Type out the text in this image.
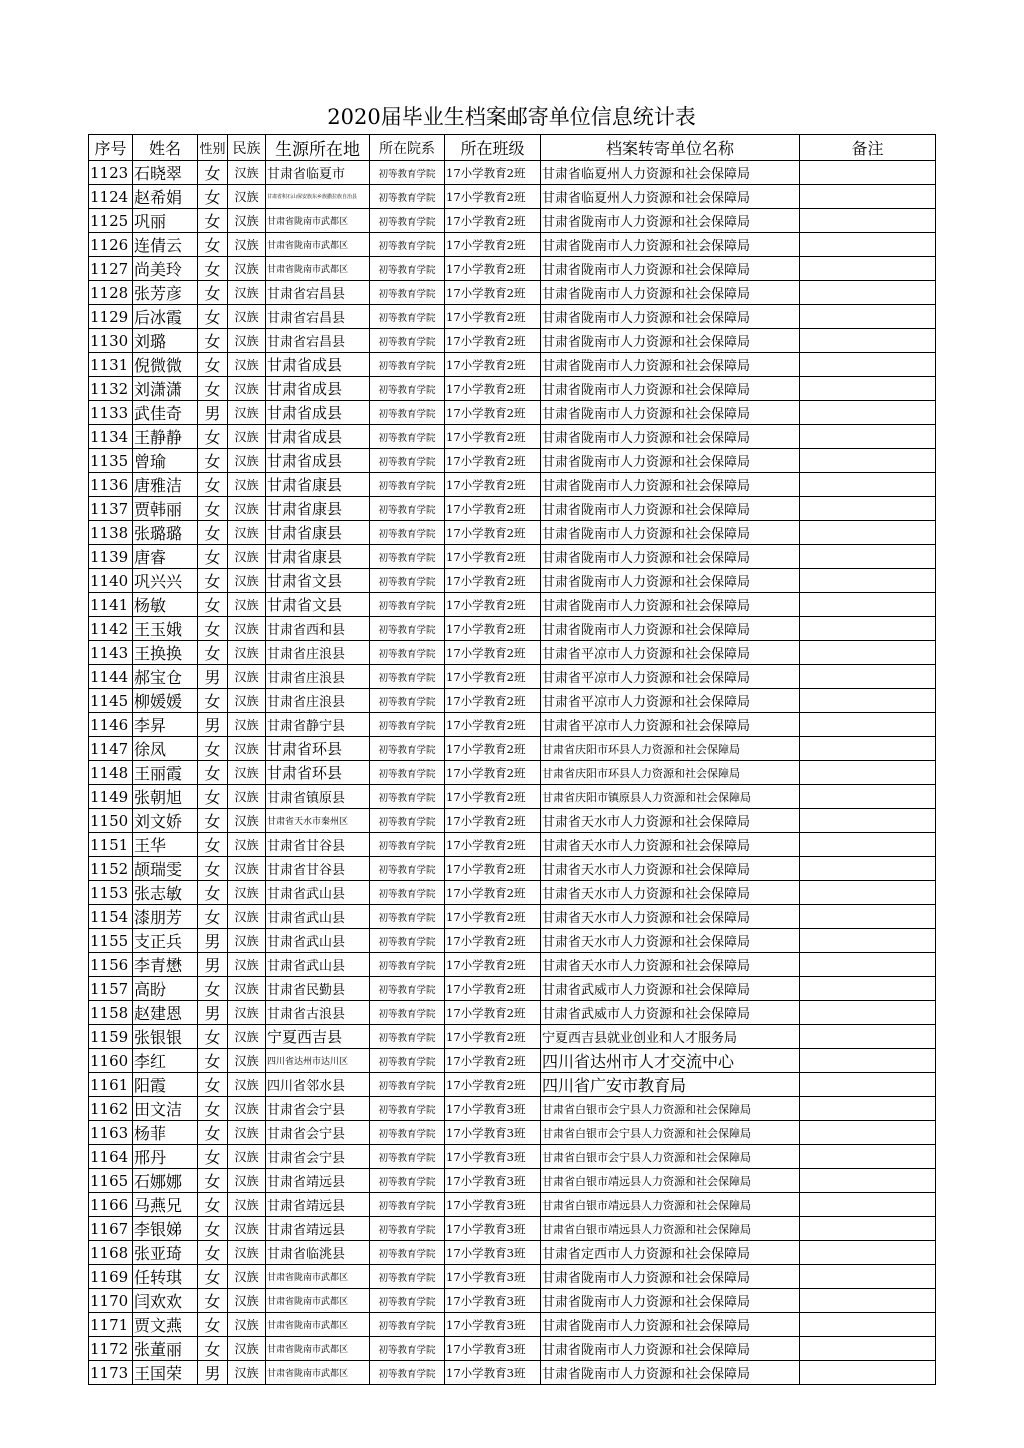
2020届毕业生档案邮寄单位信息统计表
序号	姓名	性别	民族	生源所在地	所在院系	所在班级	档案转寄单位名称	备注
1123	石晓翠	女	汉族	甘肃省临夏市	初等教育学院	17小学教育2班	甘肃省临夏州人力资源和社会保障局	
1124	赵希娟	女	汉族	甘肃省积石山保安族东乡族撒拉族自治县	初等教育学院	17小学教育2班	甘肃省临夏州人力资源和社会保障局	
1125	巩丽	女	汉族	甘肃省陇南市武都区	初等教育学院	17小学教育2班	甘肃省陇南市人力资源和社会保障局	
1126	连倩云	女	汉族	甘肃省陇南市武都区	初等教育学院	17小学教育2班	甘肃省陇南市人力资源和社会保障局	
1127	尚美玲	女	汉族	甘肃省陇南市武都区	初等教育学院	17小学教育2班	甘肃省陇南市人力资源和社会保障局	
1128	张芳彦	女	汉族	甘肃省宕昌县	初等教育学院	17小学教育2班	甘肃省陇南市人力资源和社会保障局	
1129	后冰霞	女	汉族	甘肃省宕昌县	初等教育学院	17小学教育2班	甘肃省陇南市人力资源和社会保障局	
1130	刘璐	女	汉族	甘肃省宕昌县	初等教育学院	17小学教育2班	甘肃省陇南市人力资源和社会保障局	
1131	倪微微	女	汉族	甘肃省成县	初等教育学院	17小学教育2班	甘肃省陇南市人力资源和社会保障局	
1132	刘潇潇	女	汉族	甘肃省成县	初等教育学院	17小学教育2班	甘肃省陇南市人力资源和社会保障局	
1133	武佳奇	男	汉族	甘肃省成县	初等教育学院	17小学教育2班	甘肃省陇南市人力资源和社会保障局	
1134	王静静	女	汉族	甘肃省成县	初等教育学院	17小学教育2班	甘肃省陇南市人力资源和社会保障局	
1135	曾瑜	女	汉族	甘肃省成县	初等教育学院	17小学教育2班	甘肃省陇南市人力资源和社会保障局	
1136	唐雅洁	女	汉族	甘肃省康县	初等教育学院	17小学教育2班	甘肃省陇南市人力资源和社会保障局	
1137	贾韩丽	女	汉族	甘肃省康县	初等教育学院	17小学教育2班	甘肃省陇南市人力资源和社会保障局	
1138	张璐璐	女	汉族	甘肃省康县	初等教育学院	17小学教育2班	甘肃省陇南市人力资源和社会保障局	
1139	唐睿	女	汉族	甘肃省康县	初等教育学院	17小学教育2班	甘肃省陇南市人力资源和社会保障局	
1140	巩兴兴	女	汉族	甘肃省文县	初等教育学院	17小学教育2班	甘肃省陇南市人力资源和社会保障局	
1141	杨敏	女	汉族	甘肃省文县	初等教育学院	17小学教育2班	甘肃省陇南市人力资源和社会保障局	
1142	王玉娥	女	汉族	甘肃省西和县	初等教育学院	17小学教育2班	甘肃省陇南市人力资源和社会保障局	
1143	王换换	女	汉族	甘肃省庄浪县	初等教育学院	17小学教育2班	甘肃省平凉市人力资源和社会保障局	
1144	郝宝仓	男	汉族	甘肃省庄浪县	初等教育学院	17小学教育2班	甘肃省平凉市人力资源和社会保障局	
1145	柳媛媛	女	汉族	甘肃省庄浪县	初等教育学院	17小学教育2班	甘肃省平凉市人力资源和社会保障局	
1146	李昇	男	汉族	甘肃省静宁县	初等教育学院	17小学教育2班	甘肃省平凉市人力资源和社会保障局	
1147	徐凤	女	汉族	甘肃省环县	初等教育学院	17小学教育2班	甘肃省庆阳市环县人力资源和社会保障局	
1148	王丽霞	女	汉族	甘肃省环县	初等教育学院	17小学教育2班	甘肃省庆阳市环县人力资源和社会保障局	
1149	张朝旭	女	汉族	甘肃省镇原县	初等教育学院	17小学教育2班	甘肃省庆阳市镇原县人力资源和社会保障局	
1150	刘文娇	女	汉族	甘肃省天水市秦州区	初等教育学院	17小学教育2班	甘肃省天水市人力资源和社会保障局	
1151	王华	女	汉族	甘肃省甘谷县	初等教育学院	17小学教育2班	甘肃省天水市人力资源和社会保障局	
1152	颉瑞雯	女	汉族	甘肃省甘谷县	初等教育学院	17小学教育2班	甘肃省天水市人力资源和社会保障局	
1153	张志敏	女	汉族	甘肃省武山县	初等教育学院	17小学教育2班	甘肃省天水市人力资源和社会保障局	
1154	漆朋芳	女	汉族	甘肃省武山县	初等教育学院	17小学教育2班	甘肃省天水市人力资源和社会保障局	
1155	支正兵	男	汉族	甘肃省武山县	初等教育学院	17小学教育2班	甘肃省天水市人力资源和社会保障局	
1156	李青懋	男	汉族	甘肃省武山县	初等教育学院	17小学教育2班	甘肃省天水市人力资源和社会保障局	
1157	高盼	女	汉族	甘肃省民勤县	初等教育学院	17小学教育2班	甘肃省武威市人力资源和社会保障局	
1158	赵建恩	男	汉族	甘肃省古浪县	初等教育学院	17小学教育2班	甘肃省武威市人力资源和社会保障局	
1159	张银银	女	汉族	宁夏西吉县	初等教育学院	17小学教育2班	宁夏西吉县就业创业和人才服务局	
1160	李红	女	汉族	四川省达州市达川区	初等教育学院	17小学教育2班	四川省达州市人才交流中心	
1161	阳霞	女	汉族	四川省邻水县	初等教育学院	17小学教育2班	四川省广安市教育局	
1162	田文洁	女	汉族	甘肃省会宁县	初等教育学院	17小学教育3班	甘肃省白银市会宁县人力资源和社会保障局	
1163	杨菲	女	汉族	甘肃省会宁县	初等教育学院	17小学教育3班	甘肃省白银市会宁县人力资源和社会保障局	
1164	邢丹	女	汉族	甘肃省会宁县	初等教育学院	17小学教育3班	甘肃省白银市会宁县人力资源和社会保障局	
1165	石娜娜	女	汉族	甘肃省靖远县	初等教育学院	17小学教育3班	甘肃省白银市靖远县人力资源和社会保障局	
1166	马燕兄	女	汉族	甘肃省靖远县	初等教育学院	17小学教育3班	甘肃省白银市靖远县人力资源和社会保障局	
1167	李银娣	女	汉族	甘肃省靖远县	初等教育学院	17小学教育3班	甘肃省白银市靖远县人力资源和社会保障局	
1168	张亚琦	女	汉族	甘肃省临洮县	初等教育学院	17小学教育3班	甘肃省定西市人力资源和社会保障局	
1169	任转琪	女	汉族	甘肃省陇南市武都区	初等教育学院	17小学教育3班	甘肃省陇南市人力资源和社会保障局	
1170	闫欢欢	女	汉族	甘肃省陇南市武都区	初等教育学院	17小学教育3班	甘肃省陇南市人力资源和社会保障局	
1171	贾文燕	女	汉族	甘肃省陇南市武都区	初等教育学院	17小学教育3班	甘肃省陇南市人力资源和社会保障局	
1172	张董丽	女	汉族	甘肃省陇南市武都区	初等教育学院	17小学教育3班	甘肃省陇南市人力资源和社会保障局	
1173	王国荣	男	汉族	甘肃省陇南市武都区	初等教育学院	17小学教育3班	甘肃省陇南市人力资源和社会保障局	
